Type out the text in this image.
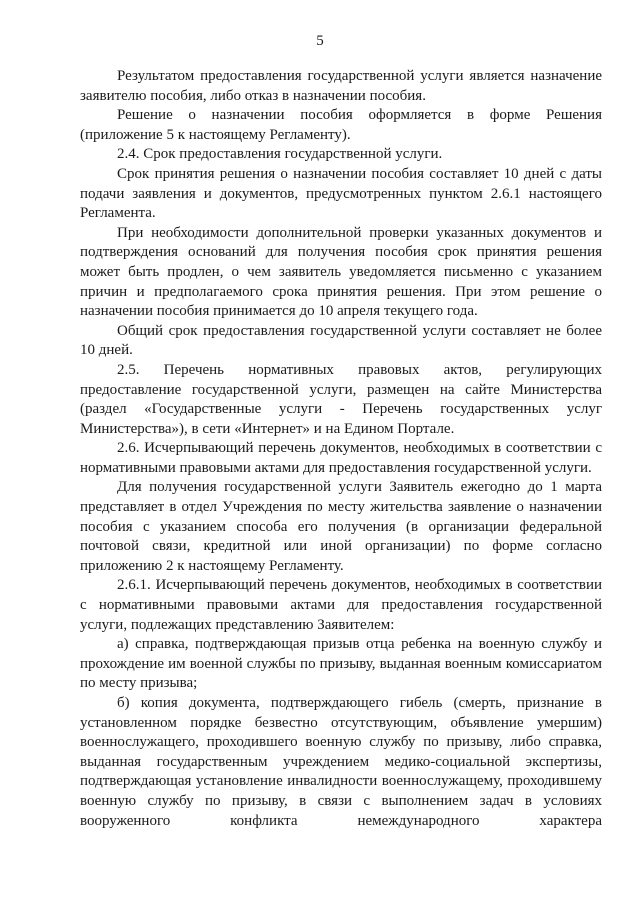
5

Результатом предоставления государственной услуги является назначение заявителю пособия, либо отказ в назначении пособия.

Решение о назначении пособия оформляется в форме Решения (приложение 5 к настоящему Регламенту).

2.4. Срок предоставления государственной услуги.

Срок принятия решения о назначении пособия составляет 10 дней с даты подачи заявления и документов, предусмотренных пунктом 2.6.1 настоящего Регламента.

При необходимости дополнительной проверки указанных документов и подтверждения оснований для получения пособия срок принятия решения может быть продлен, о чем заявитель уведомляется письменно с указанием причин и предполагаемого срока принятия решения. При этом решение о назначении пособия принимается до 10 апреля текущего года.

Общий срок предоставления государственной услуги составляет не более 10 дней.

2.5. Перечень нормативных правовых актов, регулирующих предоставление государственной услуги, размещен на сайте Министерства (раздел «Государственные услуги - Перечень государственных услуг Министерства»), в сети «Интернет» и на Едином Портале.

2.6. Исчерпывающий перечень документов, необходимых в соответствии с нормативными правовыми актами для предоставления государственной услуги.

Для получения государственной услуги Заявитель ежегодно до 1 марта представляет в отдел Учреждения по месту жительства заявление о назначении пособия с указанием способа его получения (в организации федеральной почтовой связи, кредитной или иной организации) по форме согласно приложению 2 к настоящему Регламенту.

2.6.1. Исчерпывающий перечень документов, необходимых в соответствии с нормативными правовыми актами для предоставления государственной услуги, подлежащих представлению Заявителем:

а) справка, подтверждающая призыв отца ребенка на военную службу и прохождение им военной службы по призыву, выданная военным комиссариатом по месту призыва;

б) копия документа, подтверждающего гибель (смерть, признание в установленном порядке безвестно отсутствующим, объявление умершим) военнослужащего, проходившего военную службу по призыву, либо справка, выданная государственным учреждением медико-социальной экспертизы, подтверждающая установление инвалидности военнослужащему, проходившему военную службу по призыву, в связи с выполнением задач в условиях вооруженного конфликта немеждународного характера
